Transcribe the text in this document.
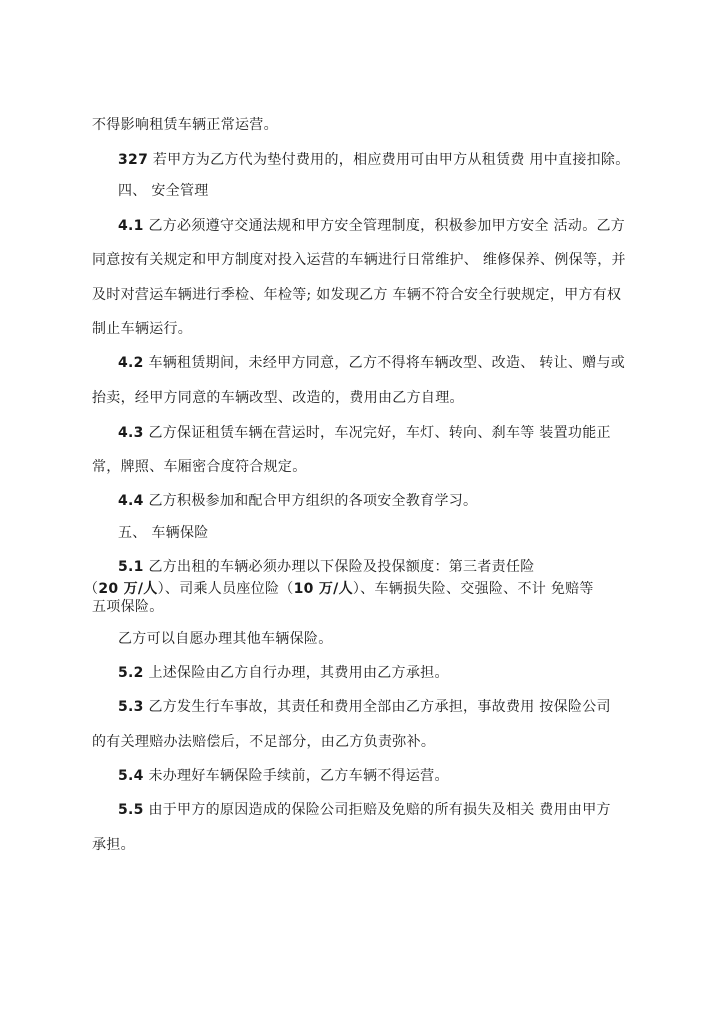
不得影响租赁车辆正常运营。
327 若甲方为乙方代为垫付费用的，相应费用可由甲方从租赁费 用中直接扣除。
四、 安全管理
4.1 乙方必须遵守交通法规和甲方安全管理制度，积极参加甲方安全 活动。乙方
同意按有关规定和甲方制度对投入运营的车辆进行日常维护、 维修保养、例保等，并
及时对营运车辆进行季检、年检等; 如发现乙方 车辆不符合安全行驶规定，甲方有权
制止车辆运行。
4.2 车辆租赁期间，未经甲方同意，乙方不得将车辆改型、改造、 转让、赠与或
抬卖，经甲方同意的车辆改型、改造的，费用由乙方自理。
4.3 乙方保证租赁车辆在营运时，车况完好，车灯、转向、刹车等 装置功能正
常，牌照、车厢密合度符合规定。
4.4 乙方积极参加和配合甲方组织的各项安全教育学习。
五、 车辆保险
5.1 乙方出租的车辆必须办理以下保险及投保额度：第三者责任险
（20 万/人）、司乘人员座位险（10 万/人）、车辆损失险、交强险、不计 免赔等
五项保险。
乙方可以自愿办理其他车辆保险。
5.2 上述保险由乙方自行办理，其费用由乙方承担。
5.3 乙方发生行车事故，其责任和费用全部由乙方承担，事故费用 按保险公司
的有关理赔办法赔偿后，不足部分，由乙方负责弥补。
5.4 未办理好车辆保险手续前，乙方车辆不得运营。
5.5 由于甲方的原因造成的保险公司拒赔及免赔的所有损失及相关 费用由甲方
承担。
